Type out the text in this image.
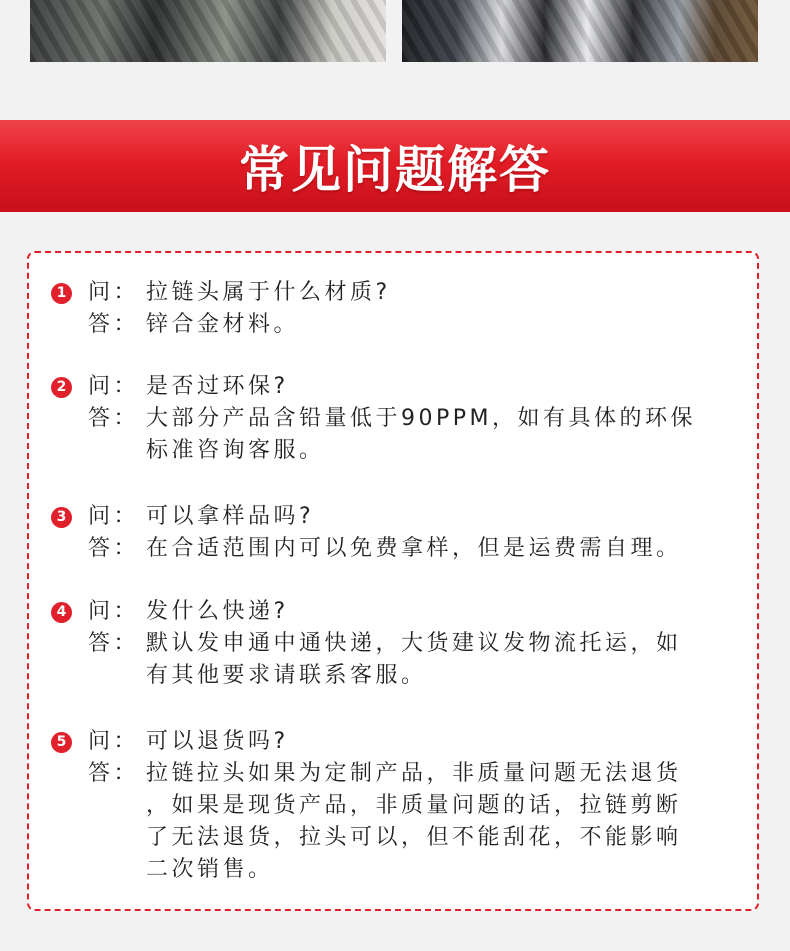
常见问题解答
1 问： 拉链头属于什么材质?
答： 锌合金材料。
2 问： 是否过环保?
答： 大部分产品含铅量低于90PPM，如有具体的环保
标准咨询客服。
3 问： 可以拿样品吗?
答： 在合适范围内可以免费拿样，但是运费需自理。
4 问： 发什么快递?
答： 默认发申通中通快递，大货建议发物流托运，如
有其他要求请联系客服。
5 问： 可以退货吗?
答： 拉链拉头如果为定制产品，非质量问题无法退货
，如果是现货产品，非质量问题的话，拉链剪断
了无法退货，拉头可以，但不能刮花，不能影响
二次销售。
